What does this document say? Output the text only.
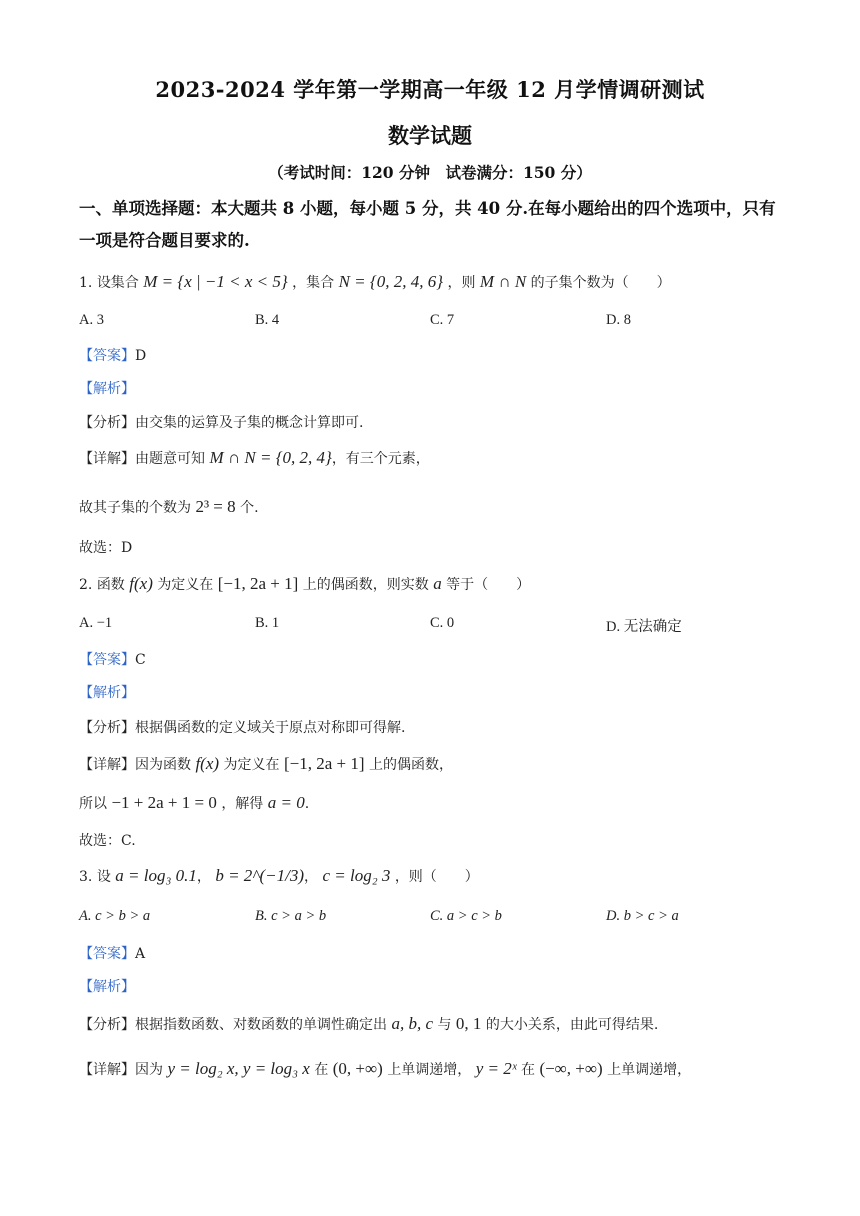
2023-2024 学年第一学期高一年级 12 月学情调研测试
数学试题
（考试时间：120 分钟　试卷满分：150 分）
一、单项选择题：本大题共 8 小题，每小题 5 分，共 40 分.在每小题给出的四个选项中，只有一项是符合题目要求的.
1. 设集合 M = {x | −1 < x < 5} ，集合 N = {0, 2, 4, 6} ，则 M ∩ N 的子集个数为（　　）
A. 3	B. 4	C. 7	D. 8
【答案】D
【解析】
【分析】由交集的运算及子集的概念计算即可.
【详解】由题意可知 M ∩ N = {0, 2, 4}，有三个元素，
故其子集的个数为 2³ = 8 个.
故选：D
2. 函数 f(x) 为定义在 [−1, 2a + 1] 上的偶函数，则实数 a 等于（　　）
A. −1	B. 1	C. 0	D. 无法确定
【答案】C
【解析】
【分析】根据偶函数的定义域关于原点对称即可得解.
【详解】因为函数 f(x) 为定义在 [−1, 2a + 1] 上的偶函数，
所以 −1 + 2a + 1 = 0 ，解得 a = 0.
故选：C.
3. 设 a = log₃ 0.1， b = 2^(−1/3)， c = log₂ 3 ，则（　　）
A. c > b > a	B. c > a > b	C. a > c > b	D. b > c > a
【答案】A
【解析】
【分析】根据指数函数、对数函数的单调性确定出 a, b, c 与 0, 1 的大小关系，由此可得结果.
【详解】因为 y = log₂ x, y = log₃ x 在 (0, +∞) 上单调递增， y = 2ˣ 在 (−∞, +∞) 上单调递增，
